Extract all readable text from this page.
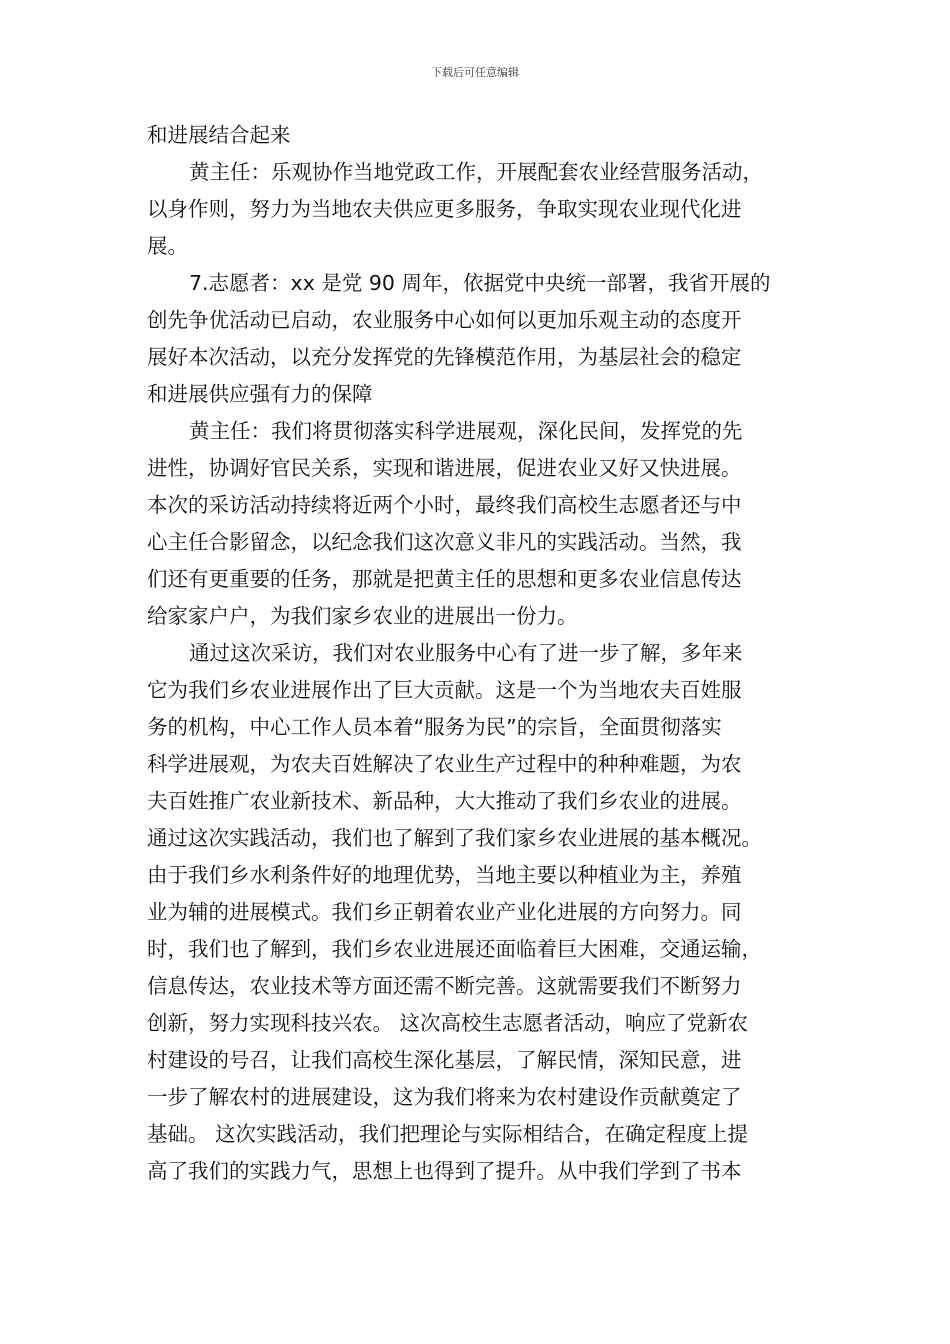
下载后可任意编辑
和进展结合起来
黄主任：乐观协作当地党政工作，开展配套农业经营服务活动，
以身作则，努力为当地农夫供应更多服务，争取实现农业现代化进
展。
7.志愿者：xx 是党 90 周年，依据党中央统一部署，我省开展的
创先争优活动已启动，农业服务中心如何以更加乐观主动的态度开
展好本次活动，以充分发挥党的先锋模范作用，为基层社会的稳定
和进展供应强有力的保障
黄主任：我们将贯彻落实科学进展观，深化民间，发挥党的先
进性，协调好官民关系，实现和谐进展，促进农业又好又快进展。
本次的采访活动持续将近两个小时，最终我们高校生志愿者还与中
心主任合影留念，以纪念我们这次意义非凡的实践活动。当然，我
们还有更重要的任务，那就是把黄主任的思想和更多农业信息传达
给家家户户，为我们家乡农业的进展出一份力。
通过这次采访，我们对农业服务中心有了进一步了解，多年来
它为我们乡农业进展作出了巨大贡献。这是一个为当地农夫百姓服
务的机构，中心工作人员本着“服务为民”的宗旨，全面贯彻落实
科学进展观，为农夫百姓解决了农业生产过程中的种种难题，为农
夫百姓推广农业新技术、新品种，大大推动了我们乡农业的进展。
通过这次实践活动，我们也了解到了我们家乡农业进展的基本概况。
由于我们乡水利条件好的地理优势，当地主要以种植业为主，养殖
业为辅的进展模式。我们乡正朝着农业产业化进展的方向努力。同
时，我们也了解到，我们乡农业进展还面临着巨大困难，交通运输，
信息传达，农业技术等方面还需不断完善。这就需要我们不断努力
创新，努力实现科技兴农。 这次高校生志愿者活动，响应了党新农
村建设的号召，让我们高校生深化基层，了解民情，深知民意，进
一步了解农村的进展建设，这为我们将来为农村建设作贡献奠定了
基础。 这次实践活动，我们把理论与实际相结合，在确定程度上提
高了我们的实践力气，思想上也得到了提升。从中我们学到了书本
